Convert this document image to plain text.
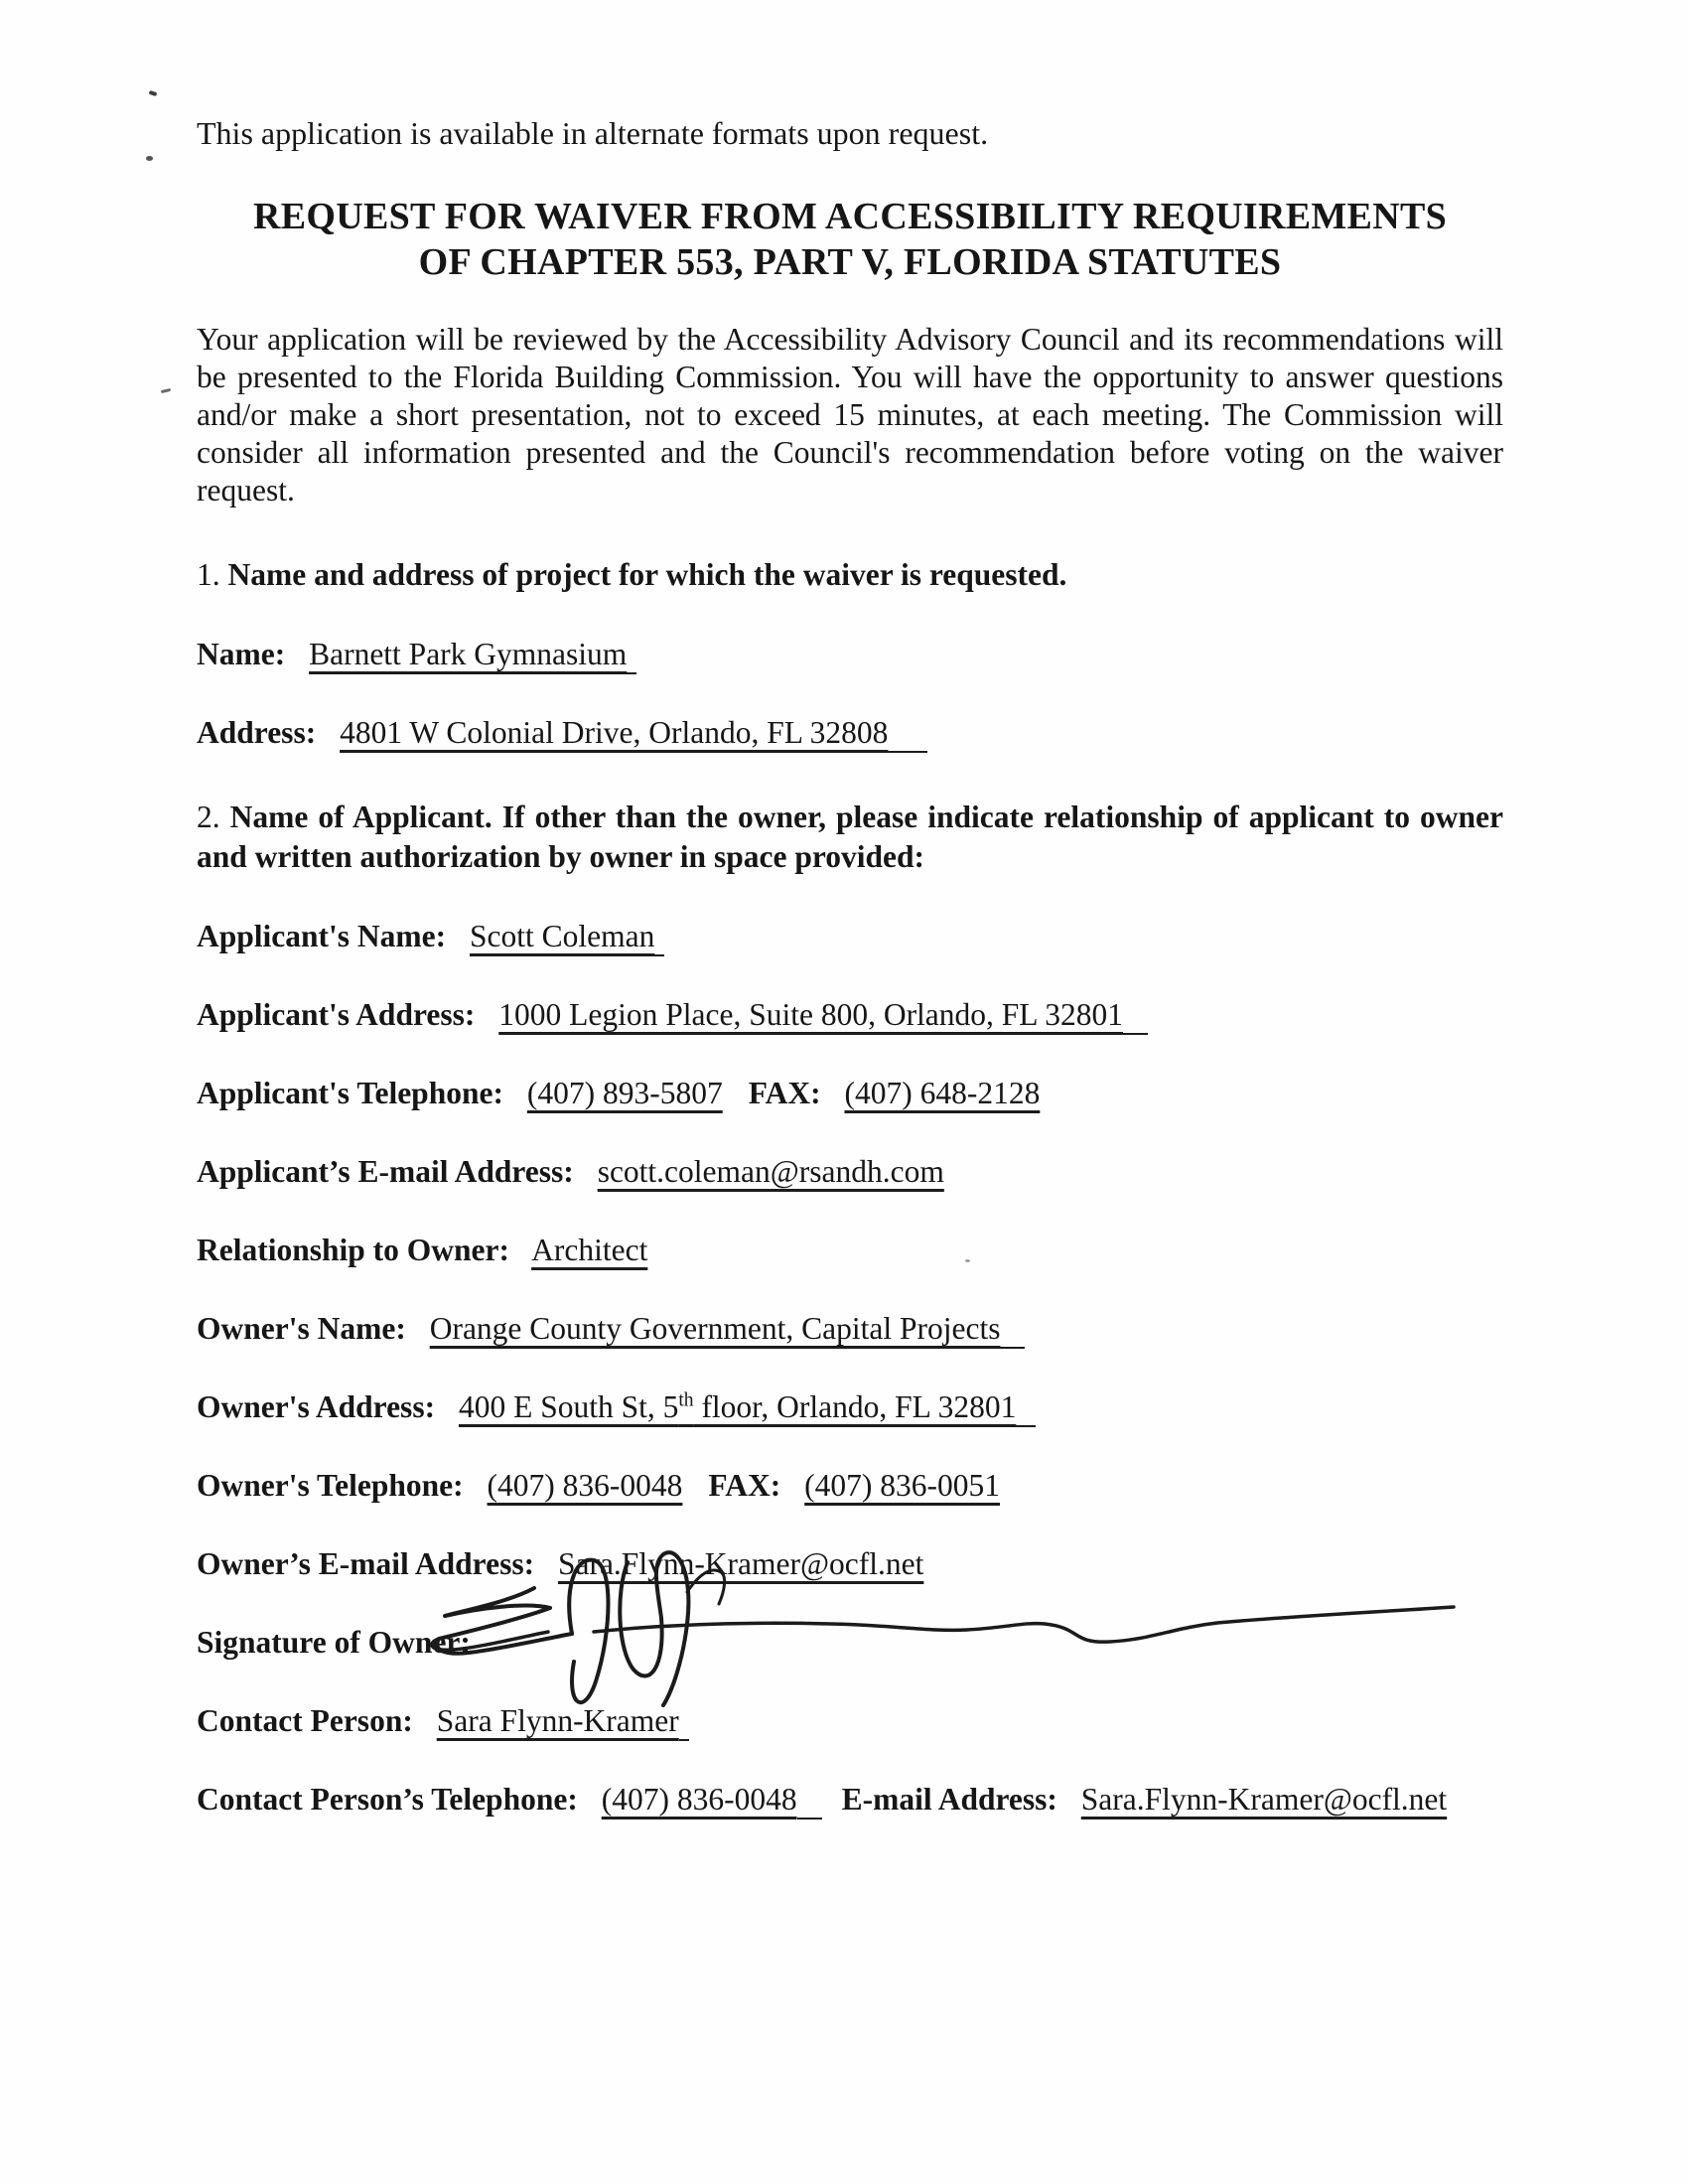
This application is available in alternate formats upon request.

REQUEST FOR WAIVER FROM ACCESSIBILITY REQUIREMENTS
OF CHAPTER 553, PART V, FLORIDA STATUTES

Your application will be reviewed by the Accessibility Advisory Council and its recommendations will be presented to the Florida Building Commission. You will have the opportunity to answer questions and/or make a short presentation, not to exceed 15 minutes, at each meeting. The Commission will consider all information presented and the Council's recommendation before voting on the waiver request.

1. Name and address of project for which the waiver is requested.

Name: Barnett Park Gymnasium

Address: 4801 W Colonial Drive, Orlando, FL 32808

2. Name of Applicant. If other than the owner, please indicate relationship of applicant to owner and written authorization by owner in space provided:

Applicant's Name: Scott Coleman

Applicant's Address: 1000 Legion Place, Suite 800, Orlando, FL 32801

Applicant's Telephone: (407) 893-5807 FAX: (407) 648-2128

Applicant’s E-mail Address: scott.coleman@rsandh.com

Relationship to Owner: Architect

Owner's Name: Orange County Government, Capital Projects

Owner's Address: 400 E South St, 5th floor, Orlando, FL 32801

Owner's Telephone: (407) 836-0048 FAX: (407) 836-0051

Owner’s E-mail Address: Sara.Flynn-Kramer@ocfl.net

Signature of Owner:

Contact Person: Sara Flynn-Kramer

Contact Person’s Telephone: (407) 836-0048 E-mail Address: Sara.Flynn-Kramer@ocfl.net
